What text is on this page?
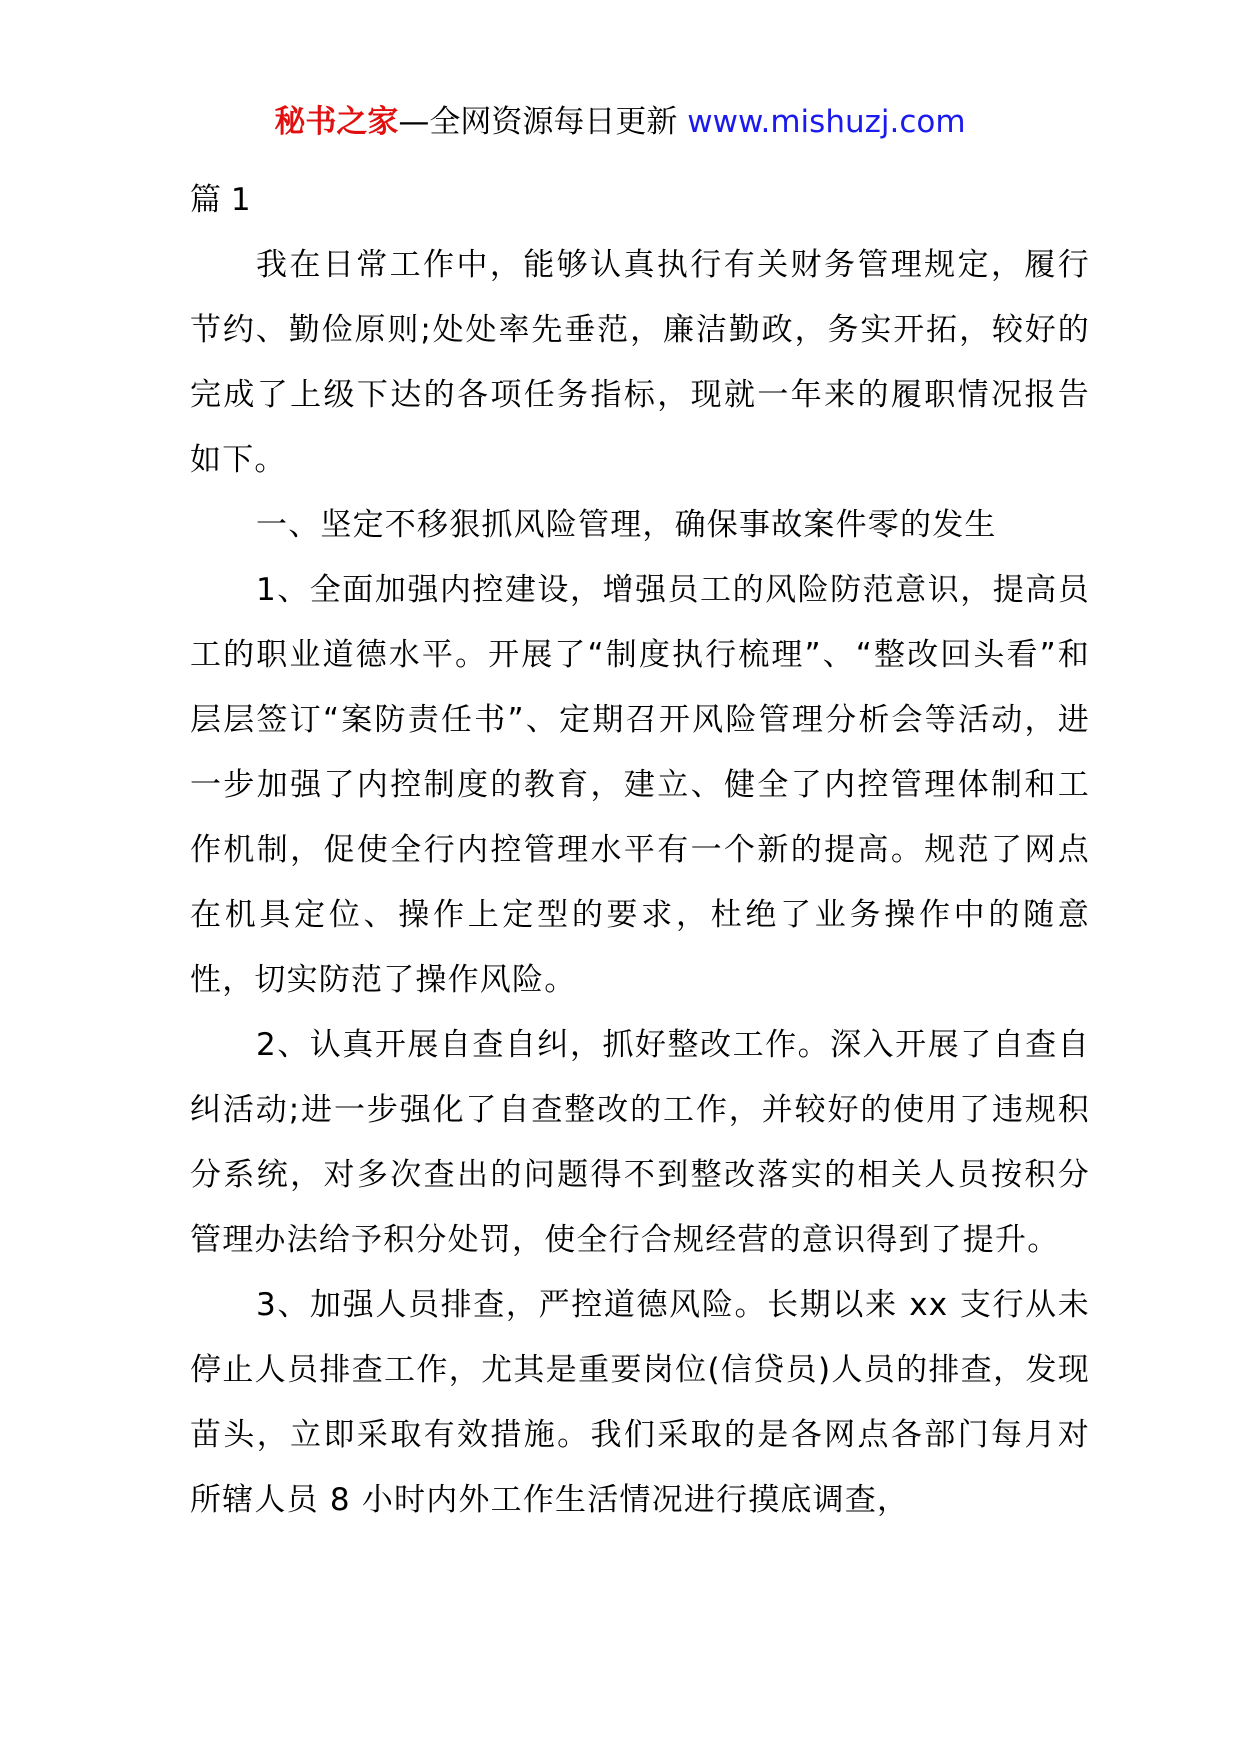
秘书之家—全网资源每日更新 www.mishuzj.com

篇 1

我在日常工作中，能够认真执行有关财务管理规定，履行节约、勤俭原则;处处率先垂范，廉洁勤政，务实开拓，较好的完成了上级下达的各项任务指标，现就一年来的履职情况报告如下。

一、坚定不移狠抓风险管理，确保事故案件零的发生

1、全面加强内控建设，增强员工的风险防范意识，提高员工的职业道德水平。开展了“制度执行梳理”、“整改回头看”和层层签订“案防责任书”、定期召开风险管理分析会等活动，进一步加强了内控制度的教育，建立、健全了内控管理体制和工作机制，促使全行内控管理水平有一个新的提高。规范了网点在机具定位、操作上定型的要求，杜绝了业务操作中的随意性，切实防范了操作风险。

2、认真开展自查自纠，抓好整改工作。深入开展了自查自纠活动;进一步强化了自查整改的工作，并较好的使用了违规积分系统，对多次查出的问题得不到整改落实的相关人员按积分管理办法给予积分处罚，使全行合规经营的意识得到了提升。

3、加强人员排查，严控道德风险。长期以来 xx 支行从未停止人员排查工作，尤其是重要岗位(信贷员)人员的排查，发现苗头，立即采取有效措施。我们采取的是各网点各部门每月对所辖人员 8 小时内外工作生活情况进行摸底调查，
